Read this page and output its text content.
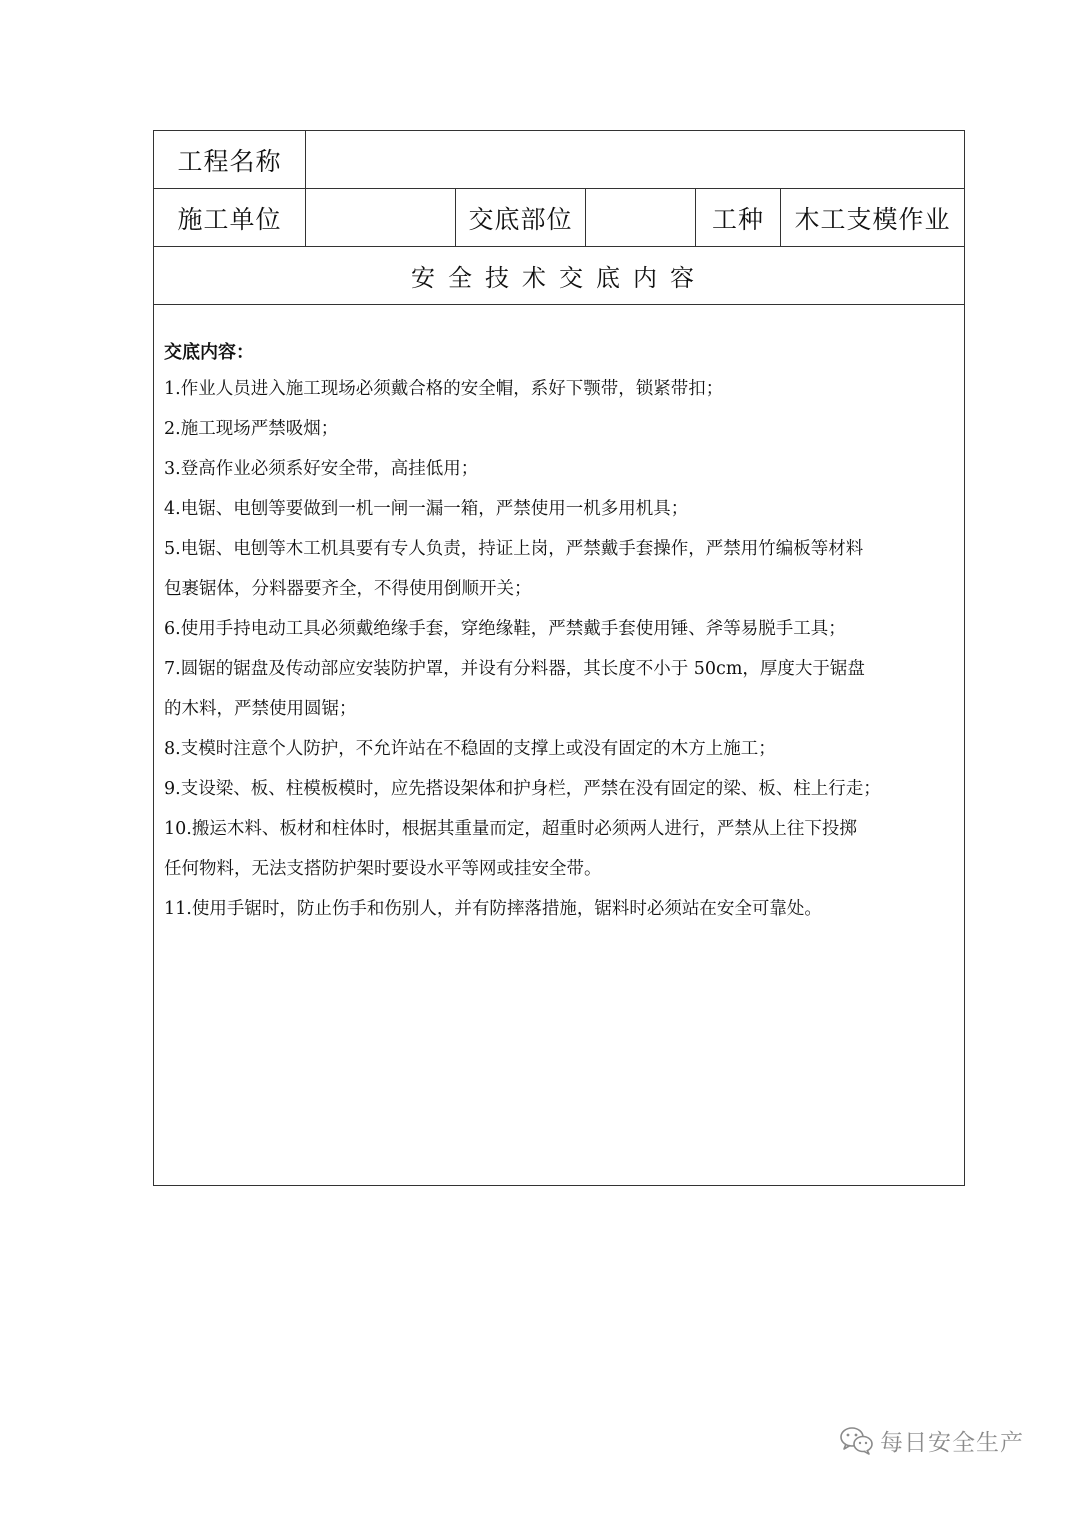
工程名称
施工单位	交底部位	工种	木工支模作业
安全技术交底内容
交底内容：
1.作业人员进入施工现场必须戴合格的安全帽，系好下颚带，锁紧带扣；
2.施工现场严禁吸烟；
3.登高作业必须系好安全带，高挂低用；
4.电锯、电刨等要做到一机一闸一漏一箱，严禁使用一机多用机具；
5.电锯、电刨等木工机具要有专人负责，持证上岗，严禁戴手套操作，严禁用竹编板等材料
包裹锯体，分料器要齐全，不得使用倒顺开关；
6.使用手持电动工具必须戴绝缘手套，穿绝缘鞋，严禁戴手套使用锤、斧等易脱手工具；
7.圆锯的锯盘及传动部应安装防护罩，并设有分料器，其长度不小于 50cm，厚度大于锯盘
的木料，严禁使用圆锯；
8.支模时注意个人防护，不允许站在不稳固的支撑上或没有固定的木方上施工；
9.支设梁、板、柱模板模时，应先搭设架体和护身栏，严禁在没有固定的梁、板、柱上行走；
10.搬运木料、板材和柱体时，根据其重量而定，超重时必须两人进行，严禁从上往下投掷
任何物料，无法支搭防护架时要设水平等网或挂安全带。
11.使用手锯时，防止伤手和伤别人，并有防摔落措施，锯料时必须站在安全可靠处。
每日安全生产
